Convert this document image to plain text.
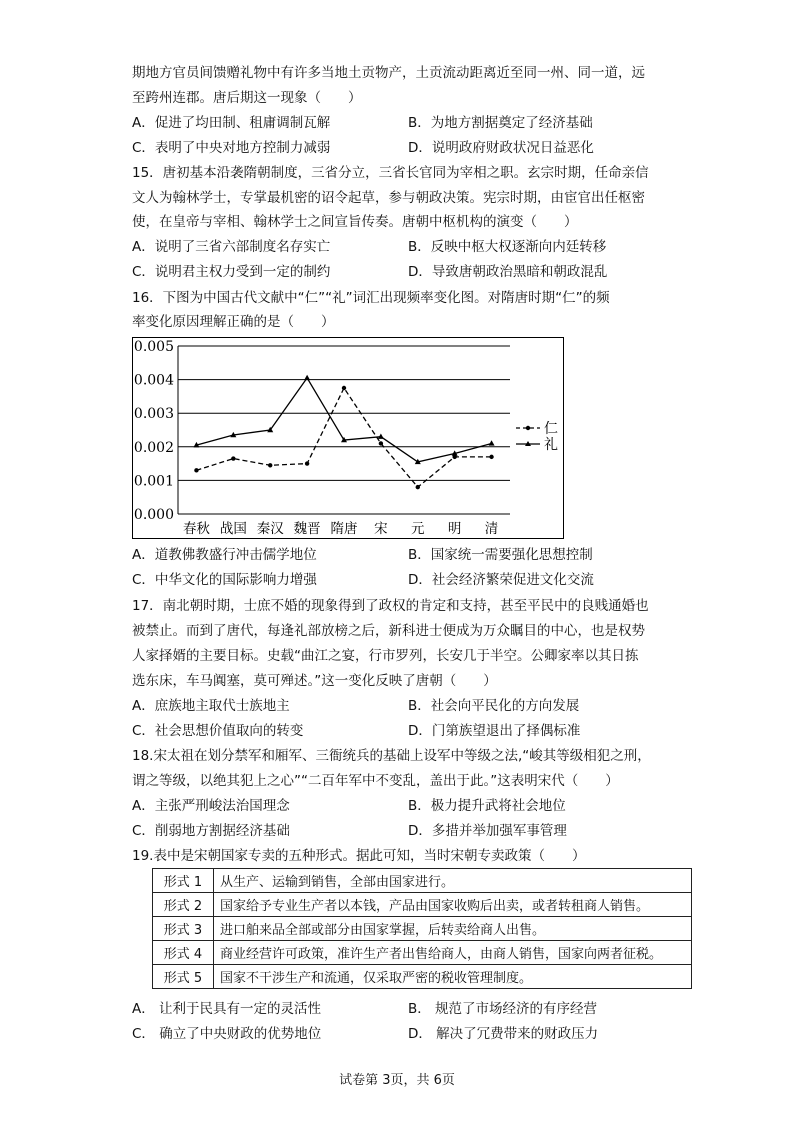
期地方官员间馈赠礼物中有许多当地土贡物产，土贡流动距离近至同一州、同一道，远
至跨州连郡。唐后期这一现象（　　）
A．促进了均田制、租庸调制瓦解	B．为地方割据奠定了经济基础
C．表明了中央对地方控制力减弱	D．说明政府财政状况日益恶化
15．唐初基本沿袭隋朝制度，三省分立，三省长官同为宰相之职。玄宗时期，任命亲信
文人为翰林学士，专掌最机密的诏令起草，参与朝政决策。宪宗时期，由宦官出任枢密
使，在皇帝与宰相、翰林学士之间宣旨传奏。唐朝中枢机构的演变（　　）
A．说明了三省六部制度名存实亡	B．反映中枢大权逐渐向内廷转移
C．说明君主权力受到一定的制约	D．导致唐朝政治黑暗和朝政混乱
16．下图为中国古代文献中“仁”“礼”词汇出现频率变化图。对隋唐时期“仁”的频
率变化原因理解正确的是（　　）
0.000
0.001
0.002
0.003
0.004
0.005
春秋 战国 秦汉 魏晋 隋唐 宋 元 明 清
仁
礼
A．道教佛教盛行冲击儒学地位	B．国家统一需要强化思想控制
C．中华文化的国际影响力增强	D．社会经济繁荣促进文化交流
17．南北朝时期，士庶不婚的现象得到了政权的肯定和支持，甚至平民中的良贱通婚也
被禁止。而到了唐代，每逢礼部放榜之后，新科进士便成为万众瞩目的中心，也是权势
人家择婿的主要目标。史载“曲江之宴，行市罗列，长安几于半空。公卿家率以其日拣
选东床，车马阗塞，莫可殚述。”这一变化反映了唐朝（　　）
A．庶族地主取代士族地主	B．社会向平民化的方向发展
C．社会思想价值取向的转变	D．门第族望退出了择偶标准
18.宋太祖在划分禁军和厢军、三衙统兵的基础上设军中等级之法,“峻其等级相犯之刑，
谓之等级，以绝其犯上之心”“二百年军中不变乱，盖出于此。”这表明宋代（　　）
A．主张严刑峻法治国理念	B．极力提升武将社会地位
C．削弱地方割据经济基础	D．多措并举加强军事管理
19.表中是宋朝国家专卖的五种形式。据此可知，当时宋朝专卖政策（　　）
形式 1	从生产、运输到销售，全部由国家进行。
形式 2	国家给予专业生产者以本钱，产品由国家收购后出卖，或者转租商人销售。
形式 3	进口舶来品全部或部分由国家掌握，后转卖给商人出售。
形式 4	商业经营许可政策，准许生产者出售给商人，由商人销售，国家向两者征税。
形式 5	国家不干涉生产和流通，仅采取严密的税收管理制度。
A． 让利于民具有一定的灵活性	B． 规范了市场经济的有序经营
C． 确立了中央财政的优势地位	D． 解决了冗费带来的财政压力
试卷第 3页，共 6页
